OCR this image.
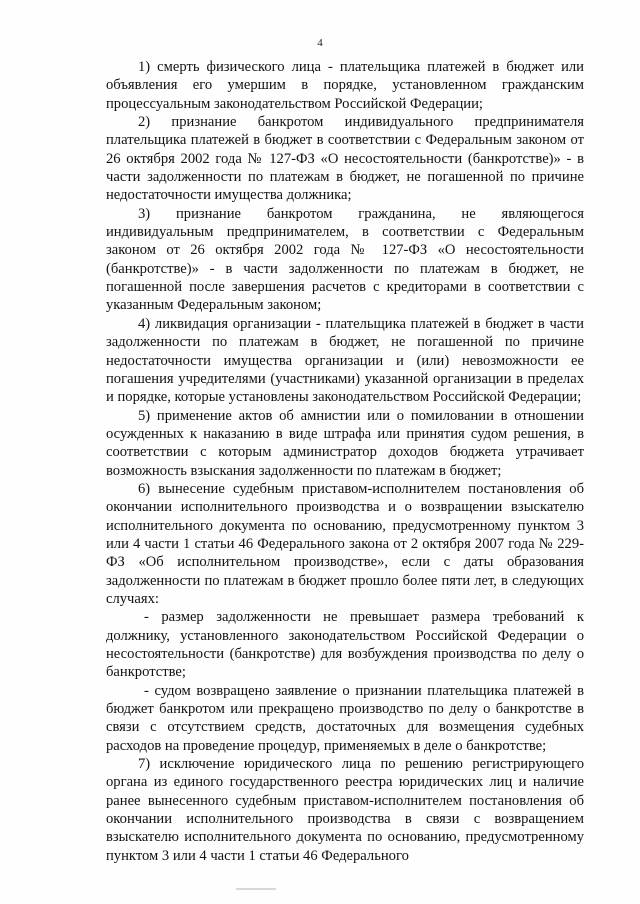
4

1) смерть физического лица - плательщика платежей в бюджет или объявления его умершим в порядке, установленном гражданским процессуальным законодательством Российской Федерации;

2) признание банкротом индивидуального предпринимателя плательщика платежей в бюджет в соответствии с Федеральным законом от 26 октября 2002 года № 127-ФЗ «О несостоятельности (банкротстве)» - в части задолженности по платежам в бюджет, не погашенной по причине недостаточности имущества должника;

3) признание банкротом гражданина, не являющегося индивидуальным предпринимателем, в соответствии с Федеральным законом от 26 октября 2002 года № 127-ФЗ «О несостоятельности (банкротстве)» - в части задолженности по платежам в бюджет, не погашенной после завершения расчетов с кредиторами в соответствии с указанным Федеральным законом;

4) ликвидация организации - плательщика платежей в бюджет в части задолженности по платежам в бюджет, не погашенной по причине недостаточности имущества организации и (или) невозможности ее погашения учредителями (участниками) указанной организации в пределах и порядке, которые установлены законодательством Российской Федерации;

5) применение актов об амнистии или о помиловании в отношении осужденных к наказанию в виде штрафа или принятия судом решения, в соответствии с которым администратор доходов бюджета утрачивает возможность взыскания задолженности по платежам в бюджет;

6) вынесение судебным приставом-исполнителем постановления об окончании исполнительного производства и о возвращении взыскателю исполнительного документа по основанию, предусмотренному пунктом 3 или 4 части 1 статьи 46 Федерального закона от 2 октября 2007 года № 229-ФЗ «Об исполнительном производстве», если с даты образования задолженности по платежам в бюджет прошло более пяти лет, в следующих случаях:

- размер задолженности не превышает размера требований к должнику, установленного законодательством Российской Федерации о несостоятельности (банкротстве) для возбуждения производства по делу о банкротстве;

- судом возвращено заявление о признании плательщика платежей в бюджет банкротом или прекращено производство по делу о банкротстве в связи с отсутствием средств, достаточных для возмещения судебных расходов на проведение процедур, применяемых в деле о банкротстве;

7) исключение юридического лица по решению регистрирующего органа из единого государственного реестра юридических лиц и наличие ранее вынесенного судебным приставом-исполнителем постановления об окончании исполнительного производства в связи с возвращением взыскателю исполнительного документа по основанию, предусмотренному пунктом 3 или 4 части 1 статьи 46 Федерального
